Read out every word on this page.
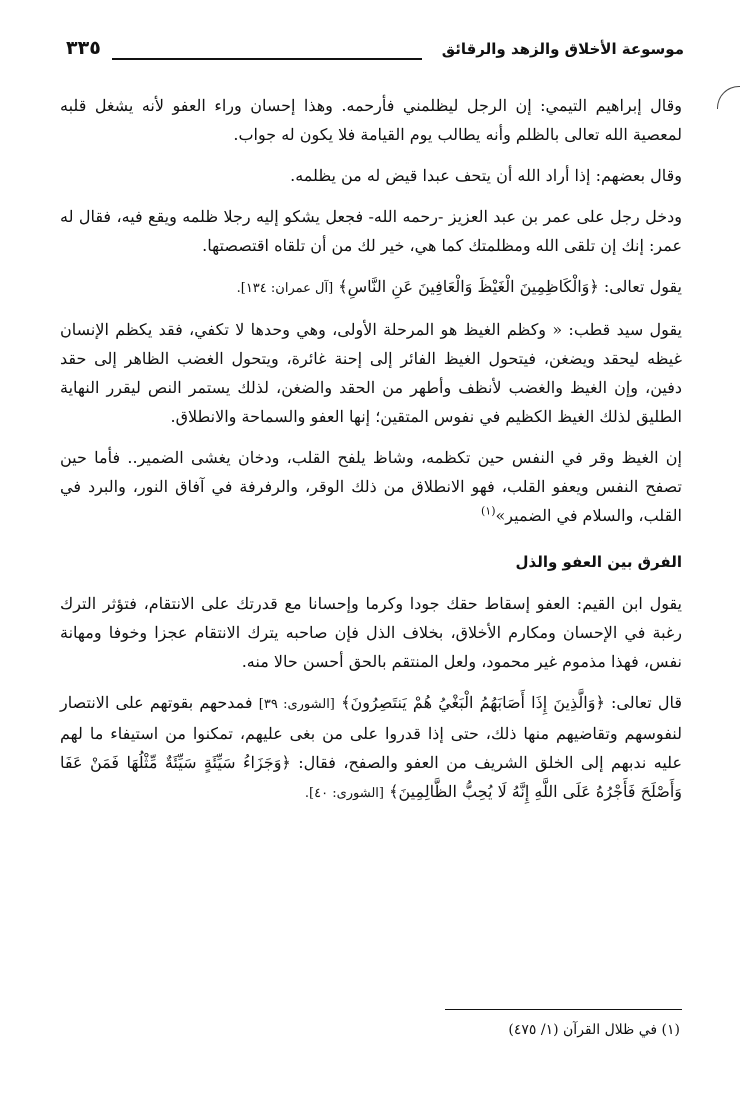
موسوعة الأخلاق والزهد والرقائق
٣٣٥

وقال إبراهيم التيمي: إن الرجل ليظلمني فأرحمه. وهذا إحسان وراء العفو لأنه يشغل قلبه لمعصية الله تعالى بالظلم وأنه يطالب يوم القيامة فلا يكون له جواب.

وقال بعضهم: إذا أراد الله أن يتحف عبدا قيض له من يظلمه.

ودخل رجل على عمر بن عبد العزيز -رحمه الله- فجعل يشكو إليه رجلا ظلمه ويقع فيه، فقال له عمر: إنك إن تلقى الله ومظلمتك كما هي، خير لك من أن تلقاه اقتصصتها.

يقول تعالى: ﴿وَالْكَاظِمِينَ الْغَيْظَ وَالْعَافِينَ عَنِ النَّاسِ﴾ [آل عمران: ١٣٤].

يقول سيد قطب: « وكظم الغيظ هو المرحلة الأولى، وهي وحدها لا تكفي، فقد يكظم الإنسان غيظه ليحقد ويضغن، فيتحول الغيظ الفائر إلى إحنة غائرة، ويتحول الغضب الظاهر إلى حقد دفين، وإن الغيظ والغضب لأنظف وأطهر من الحقد والضغن، لذلك يستمر النص ليقرر النهاية الطليق لذلك الغيظ الكظيم في نفوس المتقين؛ إنها العفو والسماحة والانطلاق.

إن الغيظ وقر في النفس حين تكظمه، وشاظ يلفح القلب، ودخان يغشى الضمير.. فأما حين تصفح النفس ويعفو القلب، فهو الانطلاق من ذلك الوقر، والرفرفة في آفاق النور، والبرد في القلب، والسلام في الضمير»$^{(١)}$

الفرق بين العفو والذل

يقول ابن القيم: العفو إسقاط حقك جودا وكرما وإحسانا مع قدرتك على الانتقام، فتؤثر الترك رغبة في الإحسان ومكارم الأخلاق، بخلاف الذل فإن صاحبه يترك الانتقام عجزا وخوفا ومهانة نفس، فهذا مذموم غير محمود، ولعل المنتقم بالحق أحسن حالا منه.

قال تعالى: ﴿وَالَّذِينَ إِذَا أَصَابَهُمُ الْبَغْيُ هُمْ يَنتَصِرُونَ﴾ [الشورى: ٣٩] فمدحهم بقوتهم على الانتصار لنفوسهم وتقاضيهم منها ذلك، حتى إذا قدروا على من بغى عليهم، تمكنوا من استيفاء ما لهم عليه ندبهم إلى الخلق الشريف من العفو والصفح، فقال: ﴿وَجَزَاءُ سَيِّئَةٍ سَيِّئَةٌ مِّثْلُهَا فَمَنْ عَفَا وَأَصْلَحَ فَأَجْرُهُ عَلَى اللَّهِ إِنَّهُ لَا يُحِبُّ الظَّالِمِينَ﴾ [الشورى: ٤٠].

(١) في ظلال القرآن (١/ ٤٧٥)
